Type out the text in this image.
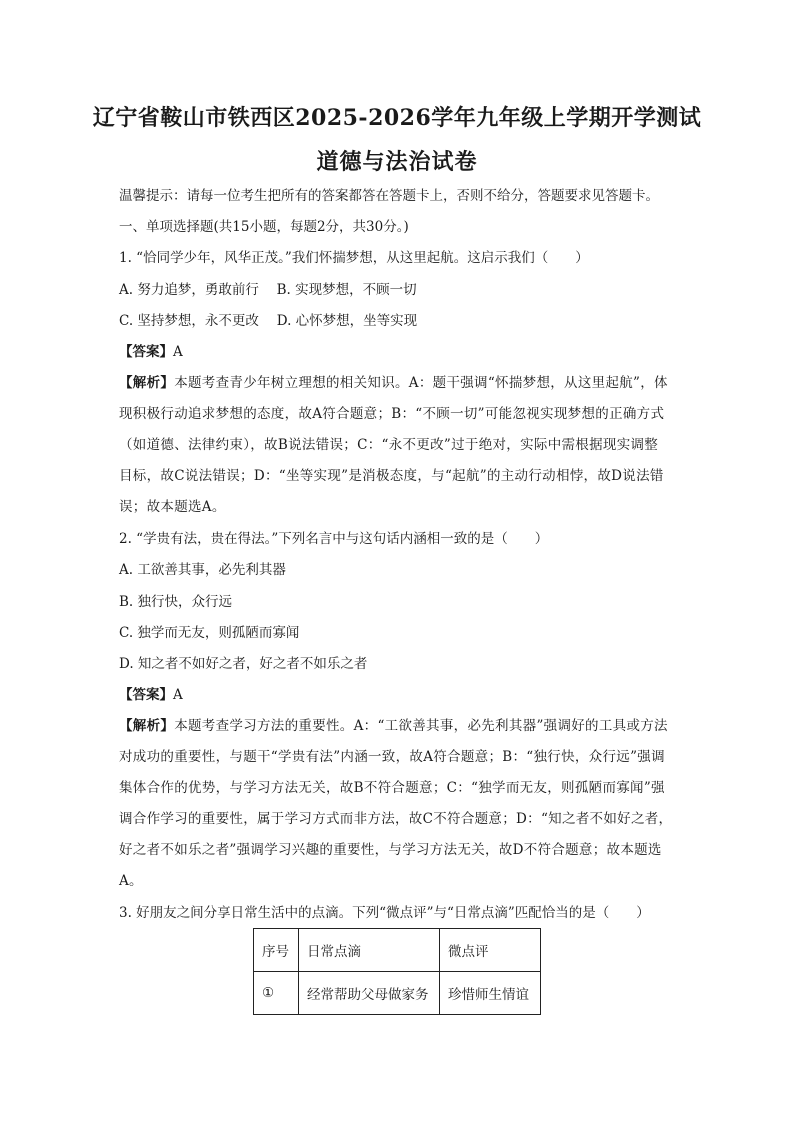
辽宁省鞍山市铁西区2025-2026学年九年级上学期开学测试
道德与法治试卷
温馨提示：请每一位考生把所有的答案都答在答题卡上，否则不给分，答题要求见答题卡。
一、单项选择题(共15小题，每题2分，共30分。)
1. “恰同学少年，风华正茂。”我们怀揣梦想，从这里起航。这启示我们（　　）
A. 努力追梦，勇敢前行　 B. 实现梦想，不顾一切
C. 坚持梦想，永不更改　 D. 心怀梦想，坐等实现
【答案】A
【解析】本题考查青少年树立理想的相关知识。A：题干强调“怀揣梦想，从这里起航”，体
现积极行动追求梦想的态度，故A符合题意；B：“不顾一切”可能忽视实现梦想的正确方式
（如道德、法律约束），故B说法错误；C：“永不更改”过于绝对，实际中需根据现实调整
目标，故C说法错误；D：“坐等实现”是消极态度，与“起航”的主动行动相悖，故D说法错
误；故本题选A。
2. “学贵有法，贵在得法。”下列名言中与这句话内涵相一致的是（　　）
A. 工欲善其事，必先利其器
B. 独行快，众行远
C. 独学而无友，则孤陋而寡闻
D. 知之者不如好之者，好之者不如乐之者
【答案】A
【解析】本题考查学习方法的重要性。A：“工欲善其事，必先利其器”强调好的工具或方法
对成功的重要性，与题干“学贵有法”内涵一致，故A符合题意；B：“独行快，众行远”强调
集体合作的优势，与学习方法无关，故B不符合题意；C：“独学而无友，则孤陋而寡闻”强
调合作学习的重要性，属于学习方式而非方法，故C不符合题意；D：“知之者不如好之者，
好之者不如乐之者”强调学习兴趣的重要性，与学习方法无关，故D不符合题意；故本题选
A。
3. 好朋友之间分享日常生活中的点滴。下列“微点评”与“日常点滴”匹配恰当的是（　　）
序号	日常点滴	微点评
①	经常帮助父母做家务	珍惜师生情谊
